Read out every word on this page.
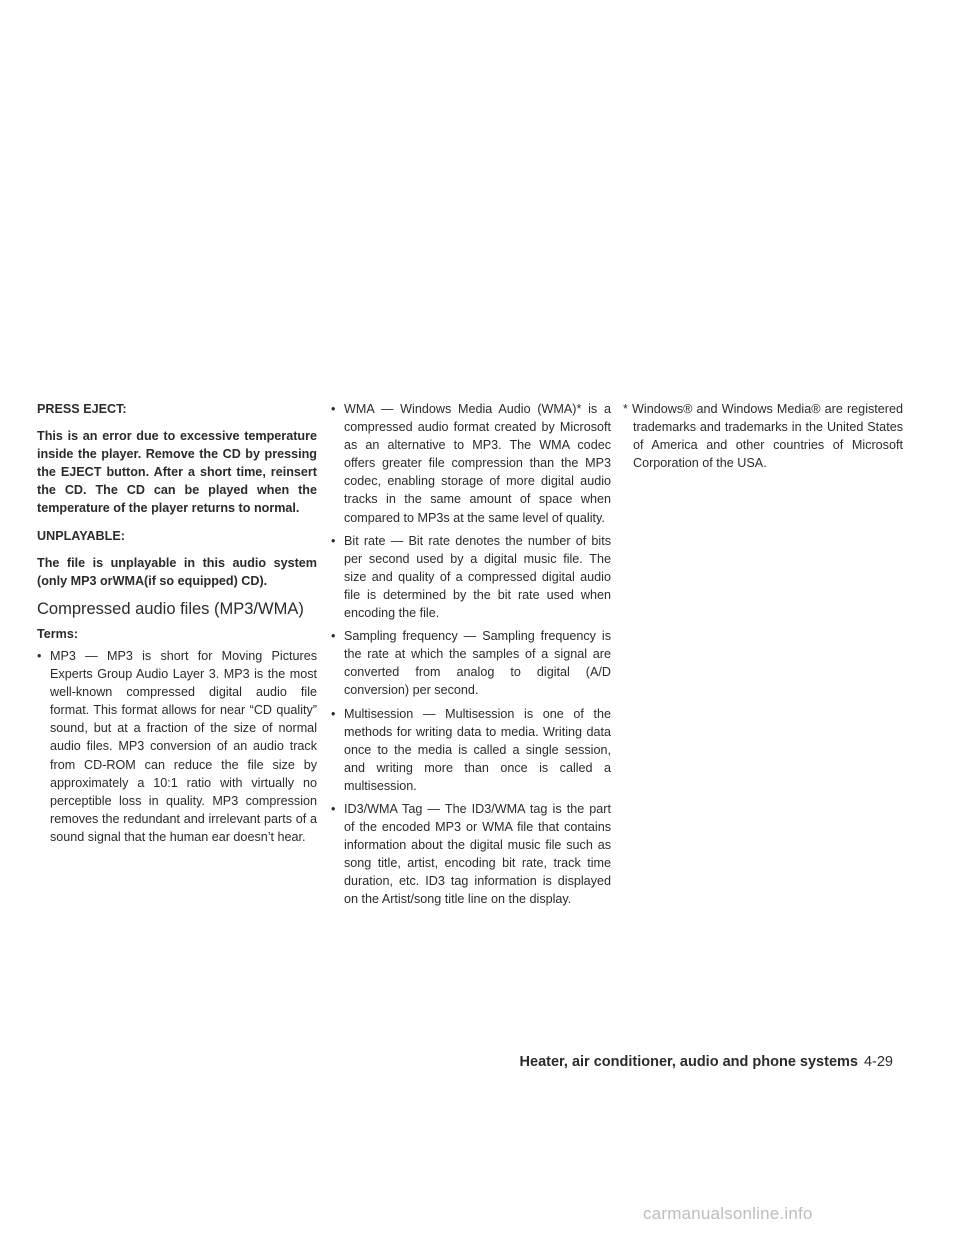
PRESS EJECT:

This is an error due to excessive temperature inside the player. Remove the CD by pressing the EJECT button. After a short time, reinsert the CD. The CD can be played when the temperature of the player returns to normal.

UNPLAYABLE:

The file is unplayable in this audio system (only MP3 orWMA(if so equipped) CD).

Compressed audio files (MP3/WMA)

Terms:

• MP3 — MP3 is short for Moving Pictures Experts Group Audio Layer 3. MP3 is the most well-known compressed digital audio file format. This format allows for near “CD quality” sound, but at a fraction of the size of normal audio files. MP3 conversion of an audio track from CD-ROM can reduce the file size by approximately a 10:1 ratio with virtually no perceptible loss in quality. MP3 compression removes the redundant and irrelevant parts of a sound signal that the human ear doesn’t hear.
• WMA — Windows Media Audio (WMA)* is a compressed audio format created by Microsoft as an alternative to MP3. The WMA codec offers greater file compression than the MP3 codec, enabling storage of more digital audio tracks in the same amount of space when compared to MP3s at the same level of quality.
• Bit rate — Bit rate denotes the number of bits per second used by a digital music file. The size and quality of a compressed digital audio file is determined by the bit rate used when encoding the file.
• Sampling frequency — Sampling frequency is the rate at which the samples of a signal are converted from analog to digital (A/D conversion) per second.
• Multisession — Multisession is one of the methods for writing data to media. Writing data once to the media is called a single session, and writing more than once is called a multisession.
• ID3/WMA Tag — The ID3/WMA tag is the part of the encoded MP3 or WMA file that contains information about the digital music file such as song title, artist, encoding bit rate, track time duration, etc. ID3 tag information is displayed on the Artist/song title line on the display.

* Windows® and Windows Media® are registered trademarks and trademarks in the United States of America and other countries of Microsoft Corporation of the USA.

Heater, air conditioner, audio and phone systems 4-29
carmanualsonline.info
